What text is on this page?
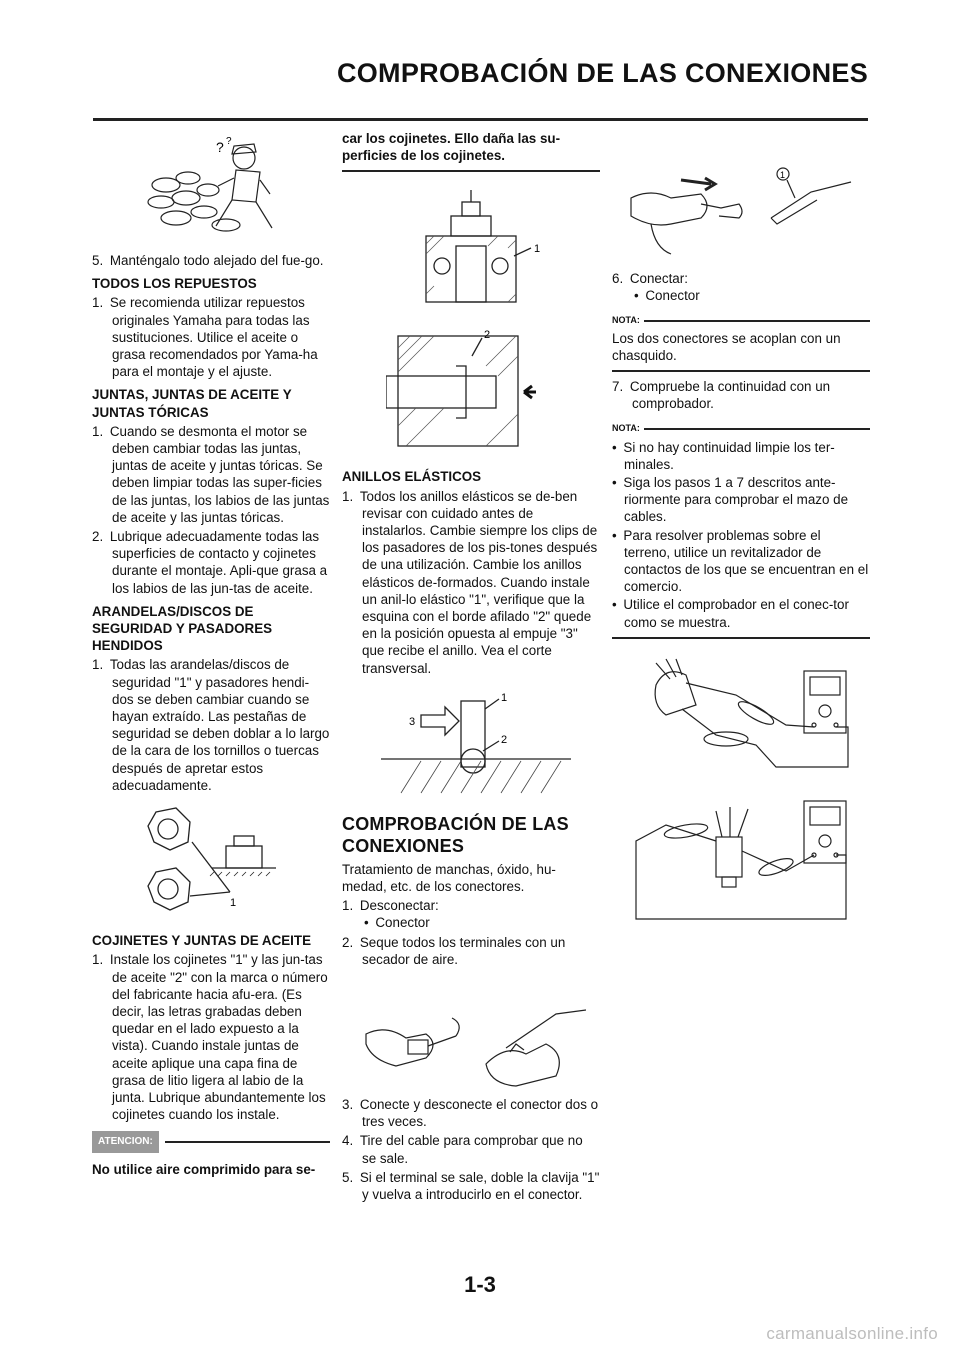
COMPROBACIÓN DE LAS CONEXIONES
? ?

5. Manténgalo todo alejado del fue-go.

TODOS LOS REPUESTOS

1. Se recomienda utilizar repuestos originales Yamaha para todas las sustituciones. Utilice el aceite o grasa recomendados por Yama-ha para el montaje y el ajuste.

JUNTAS, JUNTAS DE ACEITE Y JUNTAS TÓRICAS

1. Cuando se desmonta el motor se deben cambiar todas las juntas, juntas de aceite y juntas tóricas. Se deben limpiar todas las super-ficies de las juntas, los labios de las juntas de aceite y las juntas tóricas.

2. Lubrique adecuadamente todas las superficies de contacto y cojinetes durante el montaje. Apli-que grasa a los labios de las jun-tas de aceite.

ARANDELAS/DISCOS DE SEGURIDAD Y PASADORES HENDIDOS

1. Todas las arandelas/discos de seguridad "1" y pasadores hendi-dos se deben cambiar cuando se hayan extraído. Las pestañas de seguridad se deben doblar a lo largo de la cara de los tornillos o tuercas después de apretar estos adecuadamente.

1

COJINETES Y JUNTAS DE ACEITE

1. Instale los cojinetes "1" y las jun-tas de aceite "2" con la marca o número del fabricante hacia afu-era. (Es decir, las letras grabadas deben quedar en el lado expuesto a la vista). Cuando instale juntas de aceite aplique una capa fina de grasa de litio ligera al labio de la junta. Lubrique abundantemente los cojinetes cuando los instale.

ATENCION:

No utilice aire comprimido para se-

car los cojinetes. Ello daña las su-perficies de los cojinetes.

1
2

ANILLOS ELÁSTICOS

1. Todos los anillos elásticos se de-ben revisar con cuidado antes de instalarlos. Cambie siempre los clips de los pasadores de los pis-tones después de una utilización. Cambie los anillos elásticos de-formados. Cuando instale un anil-lo elástico "1", verifique que la esquina con el borde afilado "2" quede en la posición opuesta al empuje "3" que recibe el anillo. Vea el corte transversal.

1
2
3

COMPROBACIÓN DE LAS CONEXIONES

Tratamiento de manchas, óxido, hu-medad, etc. de los conectores.

1. Desconectar:

• Conector

2. Seque todos los terminales con un secador de aire.

3. Conecte y desconecte el conector dos o tres veces.

4. Tire del cable para comprobar que no se sale.

5. Si el terminal se sale, doble la clavija "1" y vuelva a introducirlo en el conector.

1

6. Conectar:

• Conector

NOTA:

Los dos conectores se acoplan con un chasquido.

7. Compruebe la continuidad con un comprobador.

NOTA:

• Si no hay continuidad limpie los ter-minales.

• Siga los pasos 1 a 7 descritos ante-riormente para comprobar el mazo de cables.

• Para resolver problemas sobre el terreno, utilice un revitalizador de contactos de los que se encuentran en el comercio.

• Utilice el comprobador en el conec-tor como se muestra.

1-3
carmanualsonline.info
